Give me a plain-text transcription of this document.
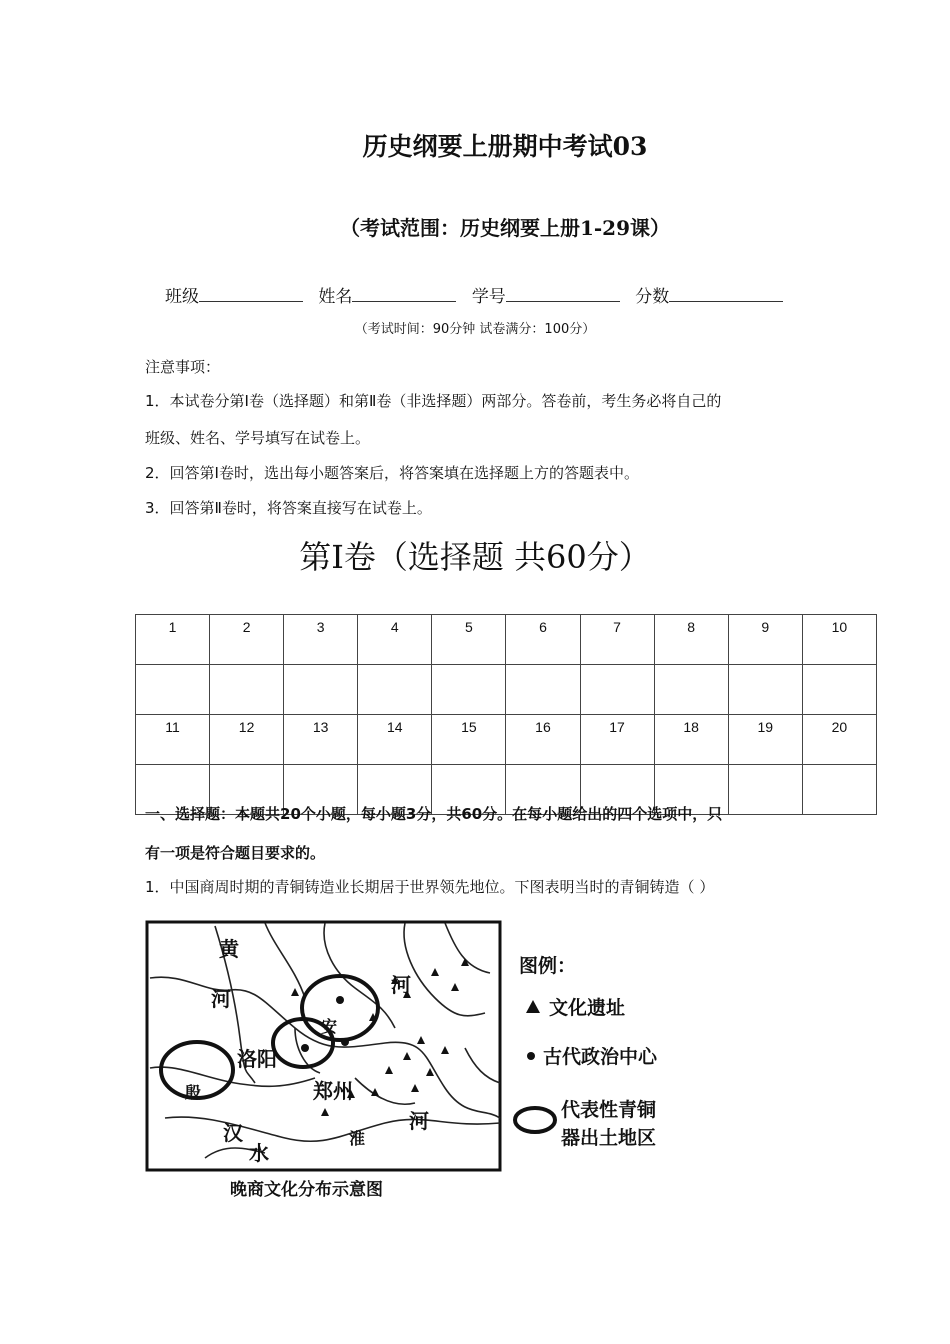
历史纲要上册期中考试03
（考试范围：历史纲要上册1-29课）
班级	姓名	学号	分数
（考试时间：90分钟 试卷满分：100分）
注意事项：
1．本试卷分第Ⅰ卷（选择题）和第Ⅱ卷（非选择题）两部分。答卷前，考生务必将自己的
班级、姓名、学号填写在试卷上。
2．回答第Ⅰ卷时，选出每小题答案后，将答案填在选择题上方的答题表中。
3．回答第Ⅱ卷时，将答案直接写在试卷上。
第Ⅰ卷（选择题 共60分）
1	2	3	4	5	6	7	8	9	10

11	12	13	14	15	16	17	18	19	20

一、选择题：本题共20个小题，每小题3分，共60分。在每小题给出的四个选项中，只
有一项是符合题目要求的。
1．中国商周时期的青铜铸造业长期居于世界领先地位。下图表明当时的青铜铸造（ ）
黄
河
河
洛阳
郑州
安
殷
河
汉
水
淮
图例：
文化遗址
古代政治中心
代表性青铜
器出土地区
晚商文化分布示意图
